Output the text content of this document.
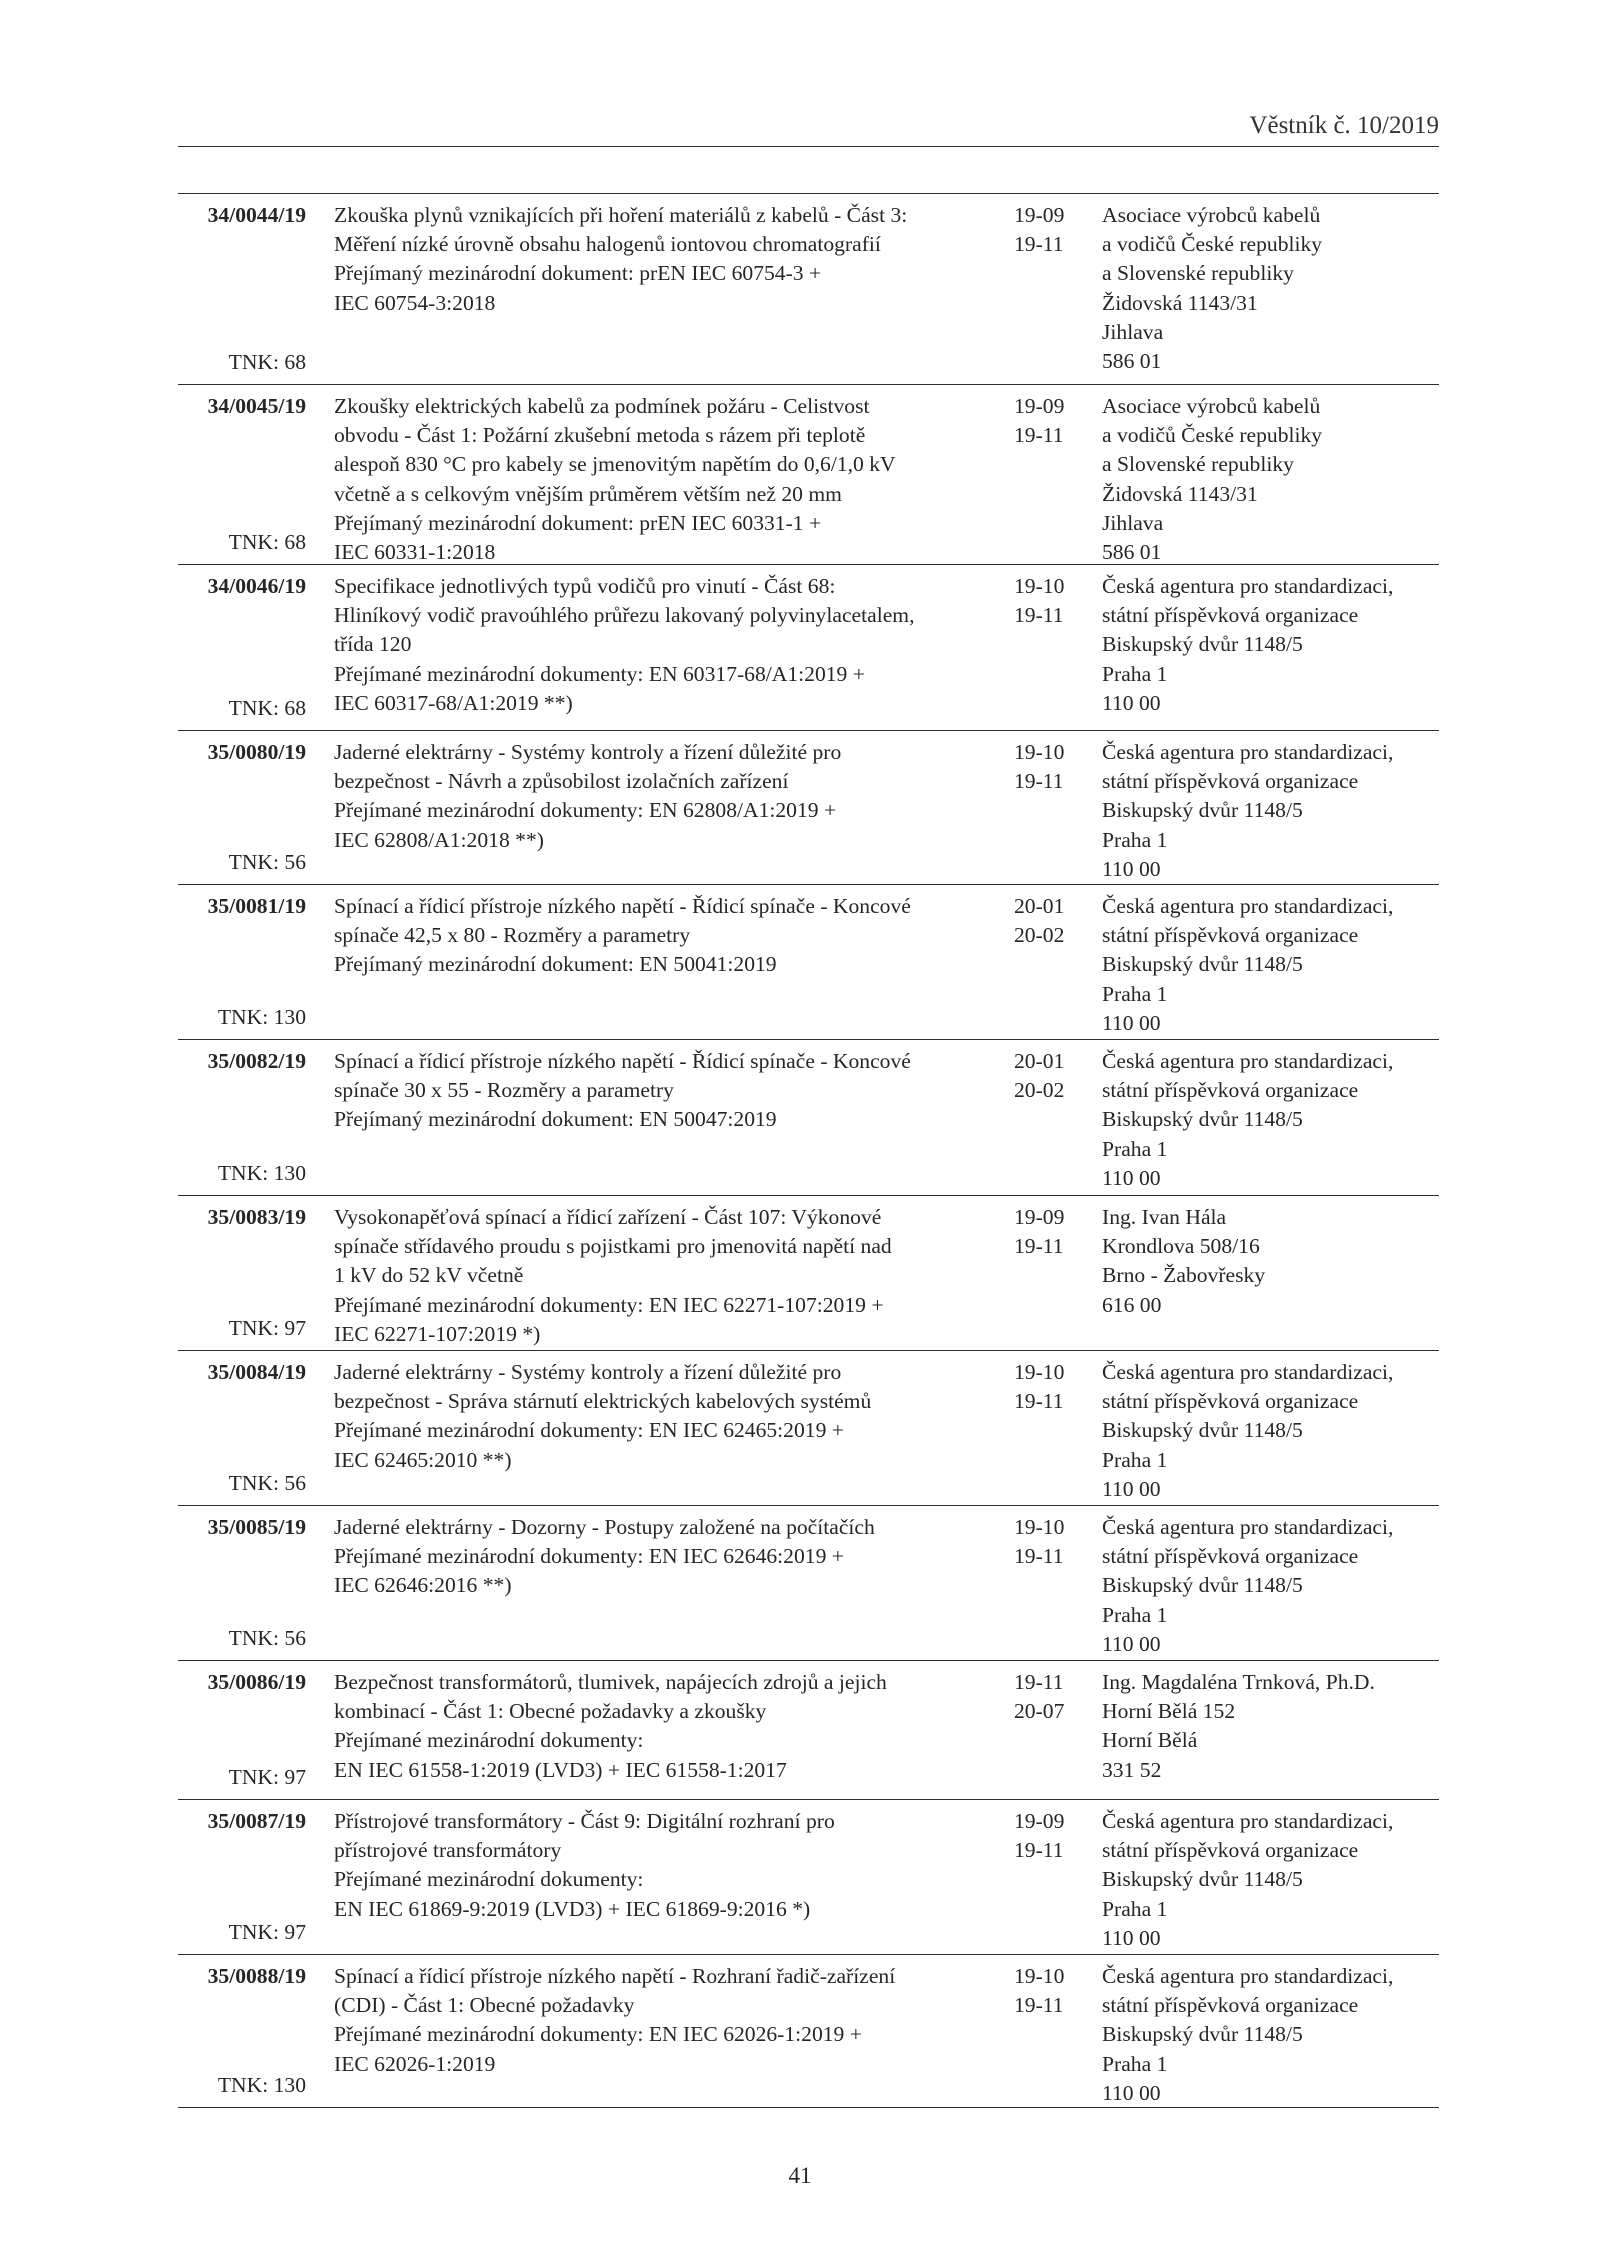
Věstník č. 10/2019
34/0044/19
TNK: 68
Zkouška plynů vznikajících při hoření materiálů z kabelů - Část 3:
Měření nízké úrovně obsahu halogenů iontovou chromatografií
Přejímaný mezinárodní dokument: prEN IEC 60754-3 +
IEC 60754-3:2018
19-09
19-11
Asociace výrobců kabelů
a vodičů České republiky
a Slovenské republiky
Židovská 1143/31
Jihlava
586 01
34/0045/19
TNK: 68
Zkoušky elektrických kabelů za podmínek požáru - Celistvost
obvodu - Část 1: Požární zkušební metoda s rázem při teplotě
alespoň 830 °C pro kabely se jmenovitým napětím do 0,6/1,0 kV
včetně a s celkovým vnějším průměrem větším než 20 mm
Přejímaný mezinárodní dokument: prEN IEC 60331-1 +
IEC 60331-1:2018
19-09
19-11
Asociace výrobců kabelů
a vodičů České republiky
a Slovenské republiky
Židovská 1143/31
Jihlava
586 01
34/0046/19
TNK: 68
Specifikace jednotlivých typů vodičů pro vinutí - Část 68:
Hliníkový vodič pravoúhlého průřezu lakovaný polyvinylacetalem,
třída 120
Přejímané mezinárodní dokumenty: EN 60317-68/A1:2019 +
IEC 60317-68/A1:2019 **)
19-10
19-11
Česká agentura pro standardizaci,
státní příspěvková organizace
Biskupský dvůr 1148/5
Praha 1
110 00
35/0080/19
TNK: 56
Jaderné elektrárny - Systémy kontroly a řízení důležité pro
bezpečnost - Návrh a způsobilost izolačních zařízení
Přejímané mezinárodní dokumenty: EN 62808/A1:2019 +
IEC 62808/A1:2018 **)
19-10
19-11
Česká agentura pro standardizaci,
státní příspěvková organizace
Biskupský dvůr 1148/5
Praha 1
110 00
35/0081/19
TNK: 130
Spínací a řídicí přístroje nízkého napětí - Řídicí spínače - Koncové
spínače 42,5 x 80 - Rozměry a parametry
Přejímaný mezinárodní dokument: EN 50041:2019
20-01
20-02
Česká agentura pro standardizaci,
státní příspěvková organizace
Biskupský dvůr 1148/5
Praha 1
110 00
35/0082/19
TNK: 130
Spínací a řídicí přístroje nízkého napětí - Řídicí spínače - Koncové
spínače 30 x 55 - Rozměry a parametry
Přejímaný mezinárodní dokument: EN 50047:2019
20-01
20-02
Česká agentura pro standardizaci,
státní příspěvková organizace
Biskupský dvůr 1148/5
Praha 1
110 00
35/0083/19
TNK: 97
Vysokonapěťová spínací a řídicí zařízení - Část 107: Výkonové
spínače střídavého proudu s pojistkami pro jmenovitá napětí nad
1 kV do 52 kV včetně
Přejímané mezinárodní dokumenty: EN IEC 62271-107:2019 +
IEC 62271-107:2019 *)
19-09
19-11
Ing. Ivan Hála
Krondlova 508/16
Brno - Žabovřesky
616 00
35/0084/19
TNK: 56
Jaderné elektrárny - Systémy kontroly a řízení důležité pro
bezpečnost - Správa stárnutí elektrických kabelových systémů
Přejímané mezinárodní dokumenty: EN IEC 62465:2019 +
IEC 62465:2010 **)
19-10
19-11
Česká agentura pro standardizaci,
státní příspěvková organizace
Biskupský dvůr 1148/5
Praha 1
110 00
35/0085/19
TNK: 56
Jaderné elektrárny - Dozorny - Postupy založené na počítačích
Přejímané mezinárodní dokumenty: EN IEC 62646:2019 +
IEC 62646:2016 **)
19-10
19-11
Česká agentura pro standardizaci,
státní příspěvková organizace
Biskupský dvůr 1148/5
Praha 1
110 00
35/0086/19
TNK: 97
Bezpečnost transformátorů, tlumivek, napájecích zdrojů a jejich
kombinací - Část 1: Obecné požadavky a zkoušky
Přejímané mezinárodní dokumenty:
EN IEC 61558-1:2019 (LVD3) + IEC 61558-1:2017
19-11
20-07
Ing. Magdaléna Trnková, Ph.D.
Horní Bělá 152
Horní Bělá
331 52
35/0087/19
TNK: 97
Přístrojové transformátory - Část 9: Digitální rozhraní pro
přístrojové transformátory
Přejímané mezinárodní dokumenty:
EN IEC 61869-9:2019 (LVD3) + IEC 61869-9:2016 *)
19-09
19-11
Česká agentura pro standardizaci,
státní příspěvková organizace
Biskupský dvůr 1148/5
Praha 1
110 00
35/0088/19
TNK: 130
Spínací a řídicí přístroje nízkého napětí - Rozhraní řadič-zařízení
(CDI) - Část 1: Obecné požadavky
Přejímané mezinárodní dokumenty: EN IEC 62026-1:2019 +
IEC 62026-1:2019
19-10
19-11
Česká agentura pro standardizaci,
státní příspěvková organizace
Biskupský dvůr 1148/5
Praha 1
110 00
41
